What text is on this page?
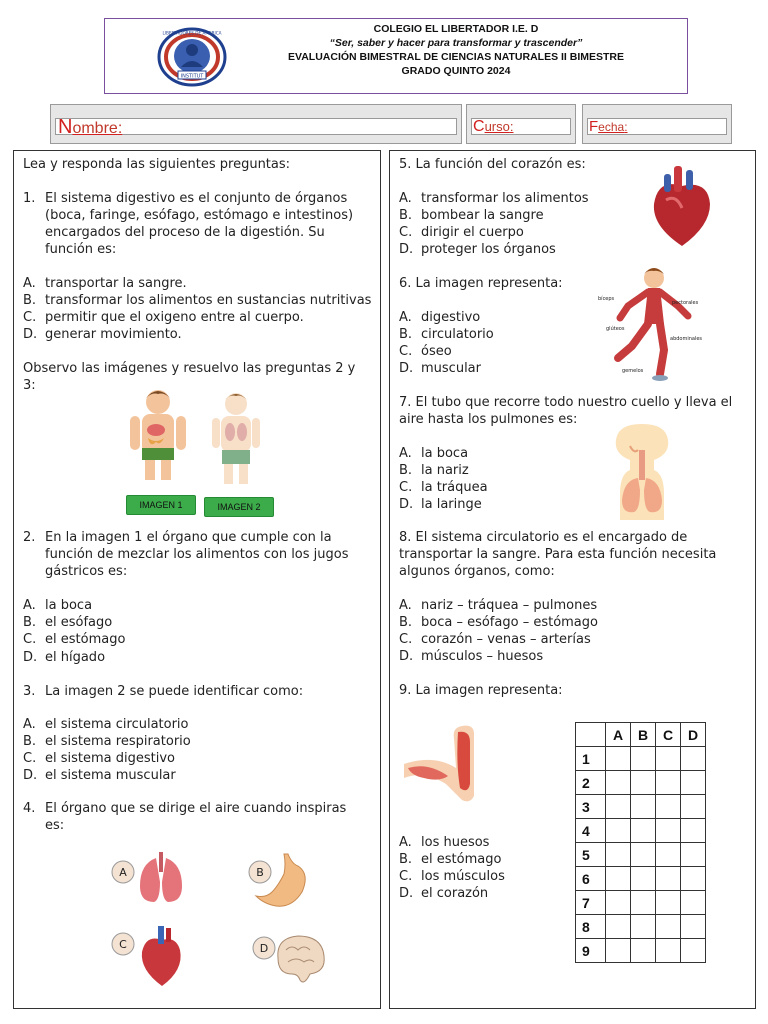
INSTITUT
LIBERTADORES DE AMERICA	COLEGIO EL LIBERTADOR I.E. D
“Ser, saber y hacer para transformar y trascender”
EVALUACIÓN BIMESTRAL DE CIENCIAS NATURALES II BIMESTRE
GRADO QUINTO 2024
Nombre:	Curso:	Fecha:
Lea y responda las siguientes preguntas:
1. El sistema digestivo es el conjunto de órganos
(boca, faringe, esófago, estómago e intestinos)
encargados del proceso de la digestión. Su
función es:
A. transportar la sangre.
B. transformar los alimentos en sustancias nutritivas
C. permitir que el oxigeno entre al cuerpo.
D. generar movimiento.
Observo las imágenes y resuelvo las preguntas 2 y
3:
IMAGEN 1	IMAGEN 2
2. En la imagen 1 el órgano que cumple con la
función de mezclar los alimentos con los jugos
gástricos es:
A. la boca
B. el esófago
C. el estómago
D. el hígado
3. La imagen 2 se puede identificar como:
A. el sistema circulatorio
B. el sistema respiratorio
C. el sistema digestivo
D. el sistema muscular
4. El órgano que se dirige el aire cuando inspiras
es:
A	B
C	D
5. La función del corazón es:
A. transformar los alimentos
B. bombear la sangre
C. dirigir el cuerpo
D. proteger los órganos
6. La imagen representa:
A. digestivo
B. circulatorio
C. óseo
D. muscular
bíceps
pectorales
glúteos
abdominales
gemelos
7. El tubo que recorre todo nuestro cuello y lleva el
aire hasta los pulmones es:
A. la boca
B. la nariz
C. la tráquea
D. la laringe
8. El sistema circulatorio es el encargado de
transportar la sangre. Para esta función necesita
algunos órganos, como:
A. nariz – tráquea – pulmones
B. boca – esófago – estómago
C. corazón – venas – arterías
D. músculos – huesos
9. La imagen representa:
A. los huesos
B. el estómago
C. los músculos
D. el corazón
	A	B	C	D
1				
2				
3				
4				
5				
6				
7				
8				
9				
